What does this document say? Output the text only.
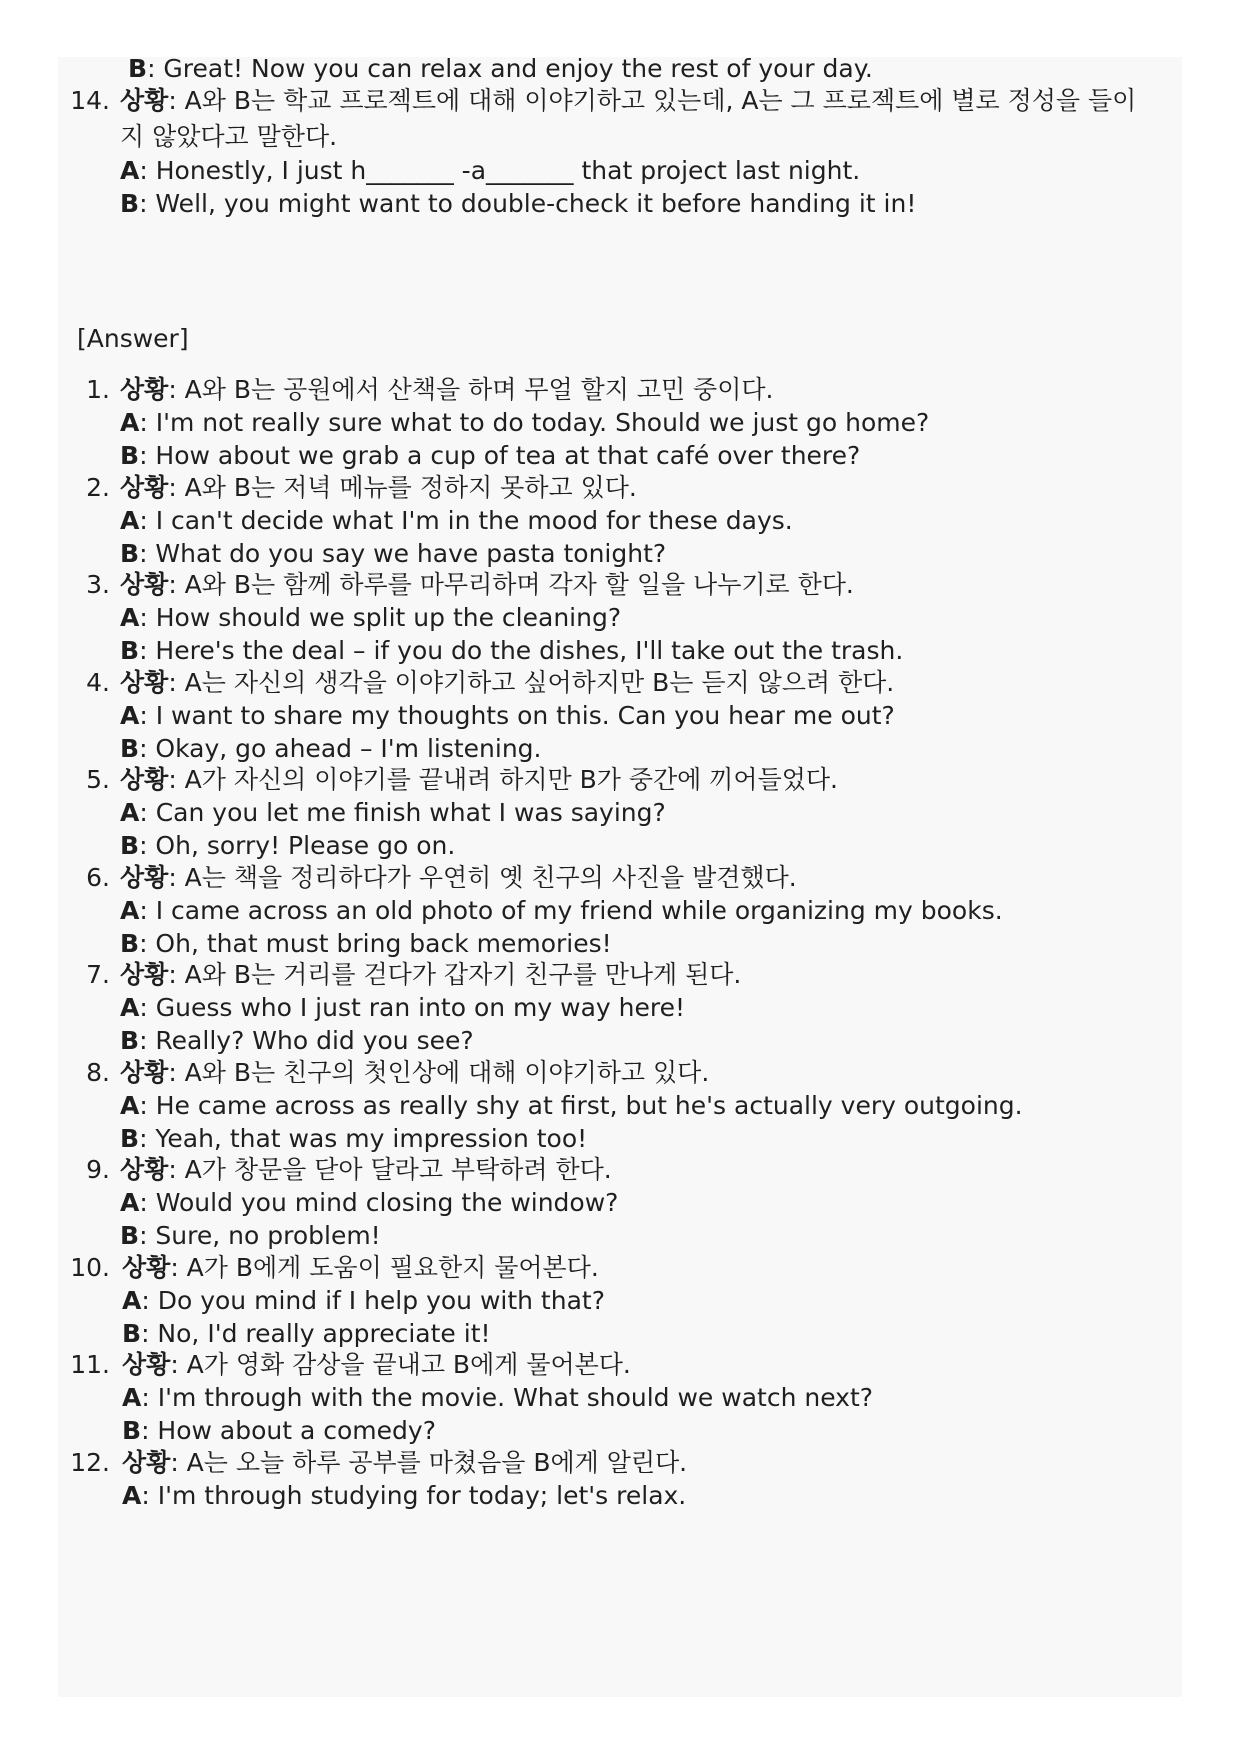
B: Great! Now you can relax and enjoy the rest of your day.
14. 상황: A와 B는 학교 프로젝트에 대해 이야기하고 있는데, A는 그 프로젝트에 별로 정성을 들이
지 않았다고 말한다.
A: Honestly, I just h_______ -a_______ that project last night.
B: Well, you might want to double-check it before handing it in!
[Answer]
1. 상황: A와 B는 공원에서 산책을 하며 무얼 할지 고민 중이다.
A: I'm not really sure what to do today. Should we just go home?
B: How about we grab a cup of tea at that café over there?
2. 상황: A와 B는 저녁 메뉴를 정하지 못하고 있다.
A: I can't decide what I'm in the mood for these days.
B: What do you say we have pasta tonight?
3. 상황: A와 B는 함께 하루를 마무리하며 각자 할 일을 나누기로 한다.
A: How should we split up the cleaning?
B: Here's the deal – if you do the dishes, I'll take out the trash.
4. 상황: A는 자신의 생각을 이야기하고 싶어하지만 B는 듣지 않으려 한다.
A: I want to share my thoughts on this. Can you hear me out?
B: Okay, go ahead – I'm listening.
5. 상황: A가 자신의 이야기를 끝내려 하지만 B가 중간에 끼어들었다.
A: Can you let me finish what I was saying?
B: Oh, sorry! Please go on.
6. 상황: A는 책을 정리하다가 우연히 옛 친구의 사진을 발견했다.
A: I came across an old photo of my friend while organizing my books.
B: Oh, that must bring back memories!
7. 상황: A와 B는 거리를 걷다가 갑자기 친구를 만나게 된다.
A: Guess who I just ran into on my way here!
B: Really? Who did you see?
8. 상황: A와 B는 친구의 첫인상에 대해 이야기하고 있다.
A: He came across as really shy at first, but he's actually very outgoing.
B: Yeah, that was my impression too!
9. 상황: A가 창문을 닫아 달라고 부탁하려 한다.
A: Would you mind closing the window?
B: Sure, no problem!
10. 상황: A가 B에게 도움이 필요한지 물어본다.
A: Do you mind if I help you with that?
B: No, I'd really appreciate it!
11. 상황: A가 영화 감상을 끝내고 B에게 물어본다.
A: I'm through with the movie. What should we watch next?
B: How about a comedy?
12. 상황: A는 오늘 하루 공부를 마쳤음을 B에게 알린다.
A: I'm through studying for today; let's relax.
